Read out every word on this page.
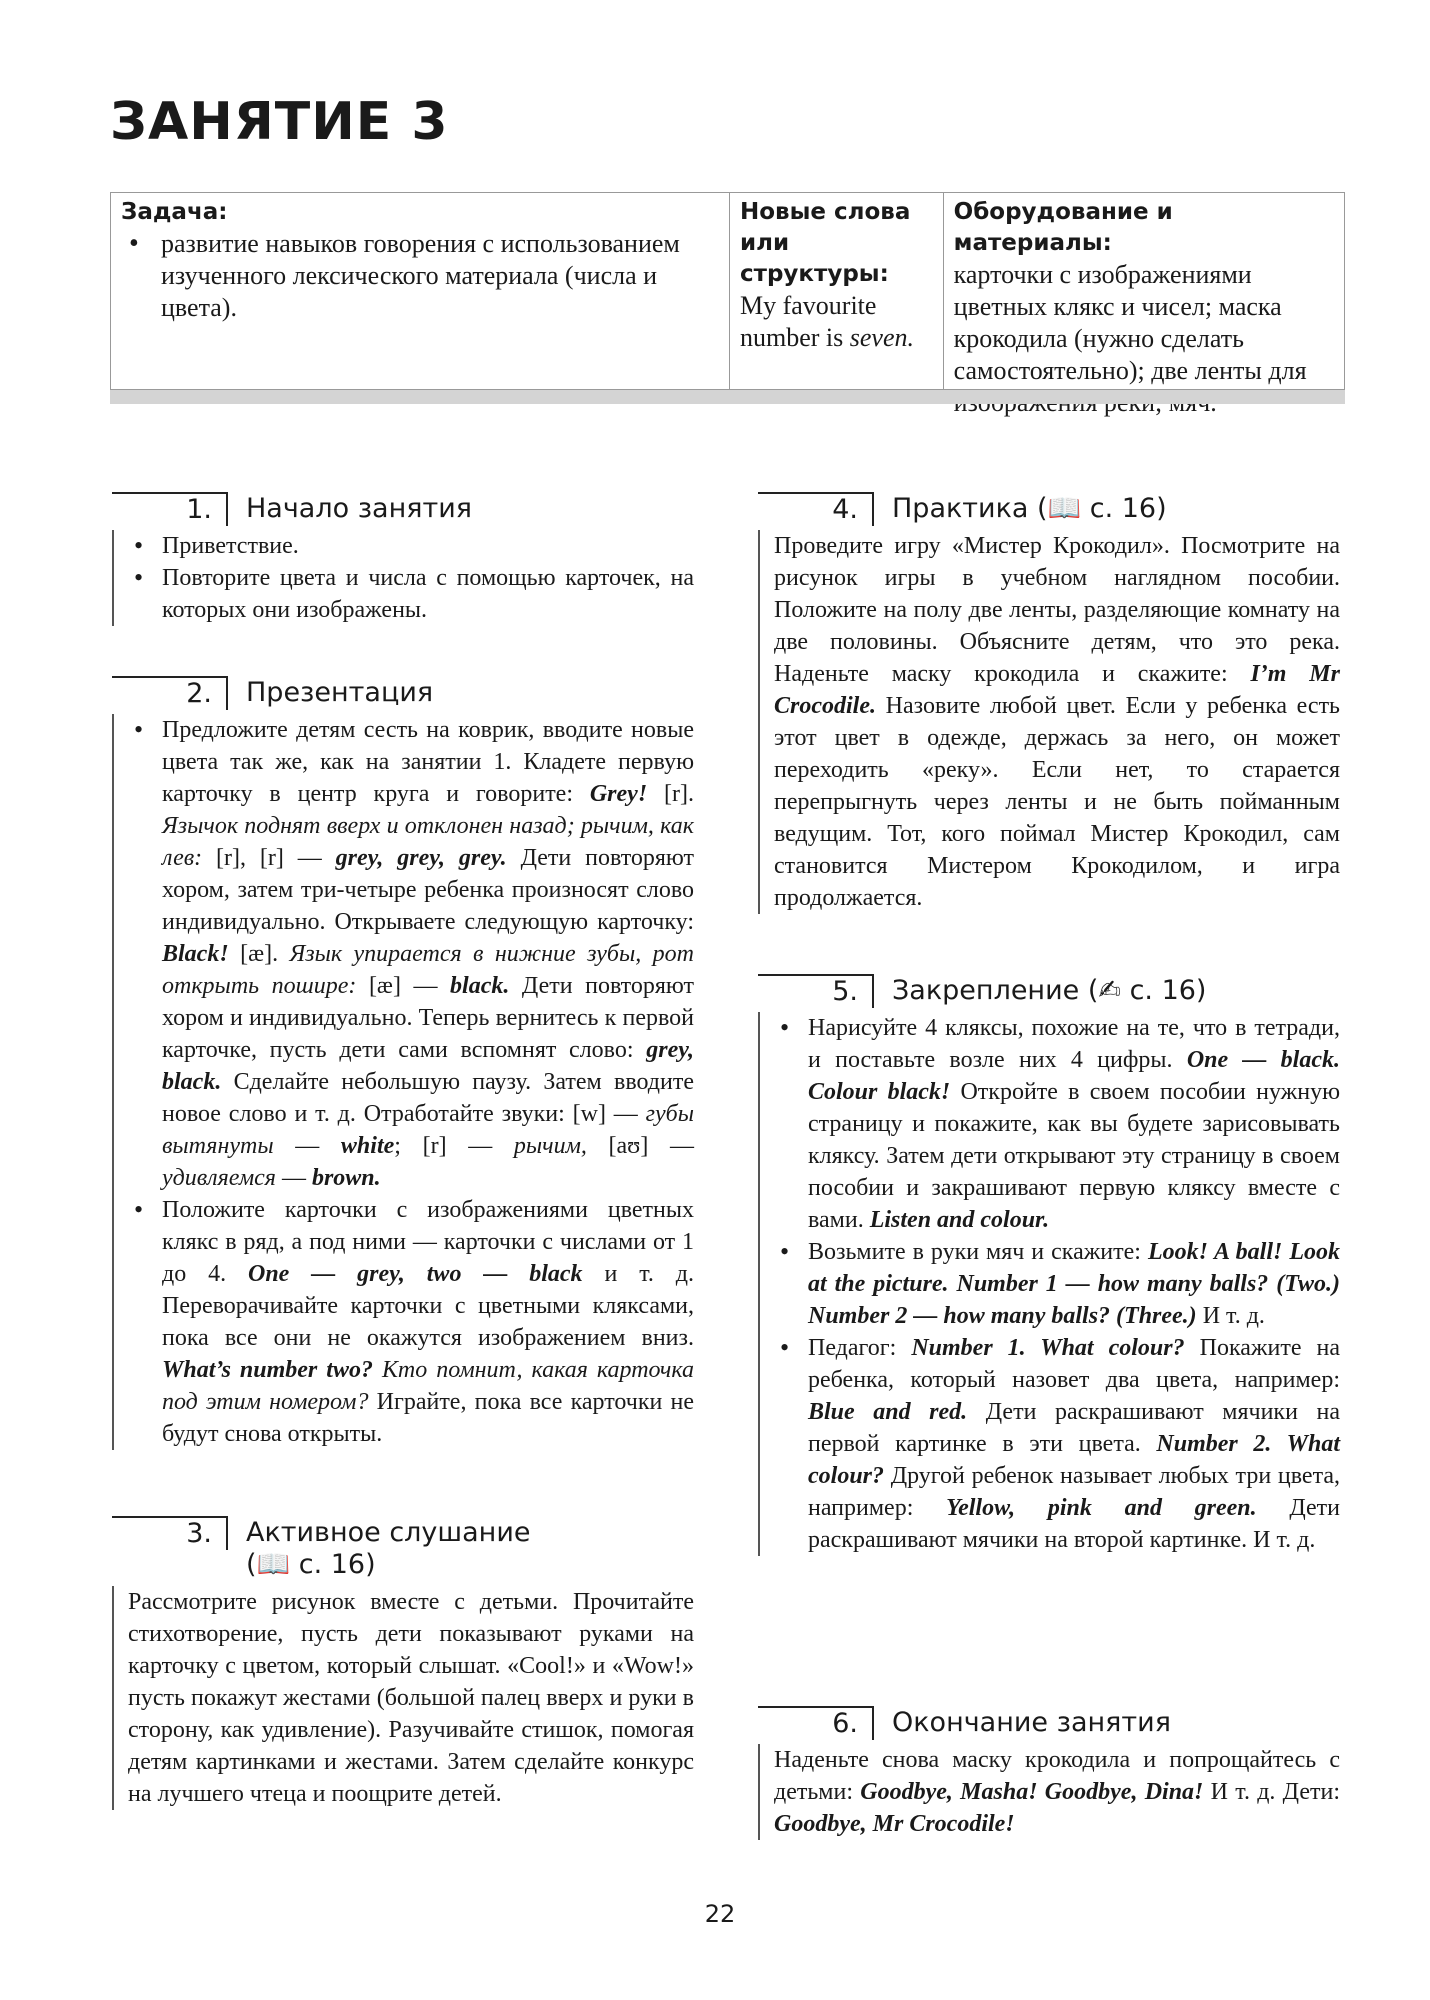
ЗАНЯТИЕ 3
Задача:
• развитие навыков говорения с использованием изученного лексического материала (числа и цвета).
Новые слова или структуры:
My favourite number is seven.
Оборудование и материалы:
карточки с изображениями цветных клякс и чисел; маска крокодила (нужно сделать самостоятельно); две ленты для
1.	Начало занятия
• Приветствие.
• Повторите цвета и числа с помощью карточек, на которых они изображены.
2.	Презентация
• Предложите детям сесть на коврик, вводите новые цвета так же, как на занятии 1. Кладете первую карточку в центр круга и говорите: Grey! [r]. Язычок поднят вверх и отклонен назад; рычим, как лев: [r], [r] — grey, grey, grey. Дети повторяют хором, затем три-четыре ребенка произносят слово индивидуально. Открываете следующую карточку: Black! [æ]. Язык упирается в нижние зубы, рот открыть пошире: [æ] — black. Дети повторяют хором и индивидуально. Теперь вернитесь к первой карточке, пусть дети сами вспомнят слово: grey, black. Сделайте небольшую паузу. Затем вводите новое слово и т. д. Отработайте звуки: [w] — губы вытянуты — white; [r] — рычим, [aʊ] — удивляемся — brown.
• Положите карточки с изображениями цветных клякс в ряд, а под ними — карточки с числами от 1 до 4. One — grey, two — black и т. д. Переворачивайте карточки с цветными кляксами, пока все они не окажутся изображением вниз. What’s number two? Кто помнит, какая карточка под этим номером? Играйте, пока все карточки не будут снова открыты.
3.	Активное слушание
(📖 с. 16)

Рассмотрите рисунок вместе с детьми. Прочитайте стихотворение, пусть дети показывают руками на карточку с цветом, который слышат. «Cool!» и «Wow!» пусть покажут жестами (большой палец вверх и руки в сторону, как удивление). Разучивайте стишок, помогая детям картинками и жестами. Затем сделайте конкурс на лучшего чтеца и поощрите детей.

4.	Практика (📖 с. 16)

Проведите игру «Мистер Крокодил». Посмотрите на рисунок игры в учебном наглядном пособии. Положите на полу две ленты, разделяющие комнату на две половины. Объясните детям, что это река. Наденьте маску крокодила и скажите: I’m Mr Crocodile. Назовите любой цвет. Если у ребенка есть этот цвет в одежде, держась за него, он может переходить «реку». Если нет, то старается перепрыгнуть через ленты и не быть пойманным ведущим. Тот, кого поймал Мистер Крокодил, сам становится Мистером Крокодилом, и игра продолжается.

5.	Закрепление (✍ с. 16)
• Нарисуйте 4 кляксы, похожие на те, что в тетради, и поставьте возле них 4 цифры. One — black. Colour black! Откройте в своем пособии нужную страницу и покажите, как вы будете зарисовывать кляксу. Затем дети открывают эту страницу в своем пособии и закрашивают первую кляксу вместе с вами. Listen and colour.
• Возьмите в руки мяч и скажите: Look! A ball! Look at the picture. Number 1 — how many balls? (Two.) Number 2 — how many balls? (Three.) И т. д.
• Педагог: Number 1. What colour? Покажите на ребенка, который назовет два цвета, например: Blue and red. Дети раскрашивают мячики на первой картинке в эти цвета. Number 2. What colour? Другой ребенок называет любых три цвета, например: Yellow, pink and green. Дети раскрашивают мячики на второй картинке. И т. д.
6.	Окончание занятия

Наденьте снова маску крокодила и попрощайтесь с детьми: Goodbye, Masha! Goodbye, Dina! И т. д. Дети: Goodbye, Mr Crocodile!

22
